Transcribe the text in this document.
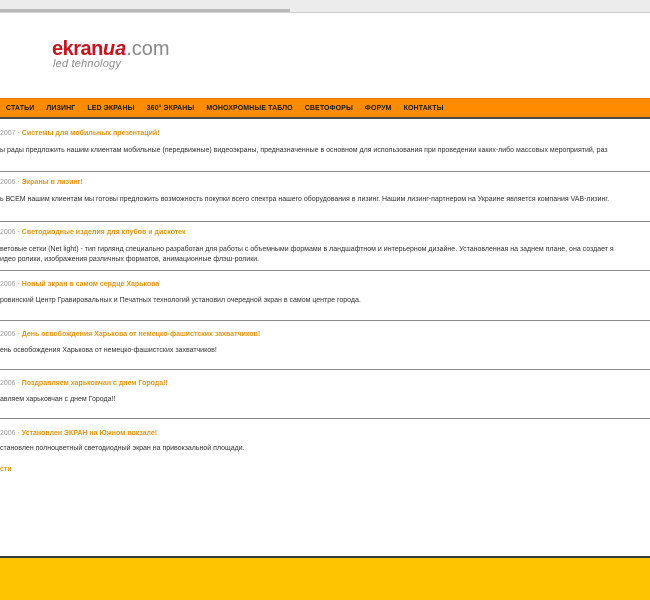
ekranua.com
led tehnology
СТАТЬИ ЛИЗИНГ LED ЭКРАНЫ 360° ЭКРАНЫ МОНОХРОМНЫЕ ТАБЛО СВЕТОФОРЫ ФОРУМ КОНТАКТЫ
2007 - Системы для мобильных презентаций!
ы рады предложить нашим клиентам мобильные (передвижные) видеоэкраны, предназначенные в основном для использования при проведении каких-либо массовых мероприятий, раз
2006 - Экраны в лизинг!
ь ВСЕМ нашим клиентам мы готовы предложить возможность покупки всего спектра нашего оборудования в лизинг. Нашим лизинг-партнером на Украине является компания VAB-лизинг.
2006 - Светодиодные изделия для клубов и дискотек
ветовые сетки (Net light) - тип гирлянд специально разработан для работы с объемными формами в ландшафтном и интерьерном дизайне. Установленная на заднем плане, она создает я
идео ролики, изображения различных форматов, анимационные флэш-ролики.
2006 - Новый экран в самом сердце Харькова
ровинский Центр Гравировальных и Печатных технологий установил очередной экран в самом центре города.
2006 - День освобождения Харькова от немецко-фашистских захватчиков!
ень освобождения Харькова от немецко-фашистских захватчиков!
2006 - Поздравляем харьковчан с днем Города!!
авляем харьковчан с днем Города!!
2006 - Установлен ЭКРАН на Южном вокзале!
становлен полноцветный светодиодный экран на привокзальной площади.
сти
